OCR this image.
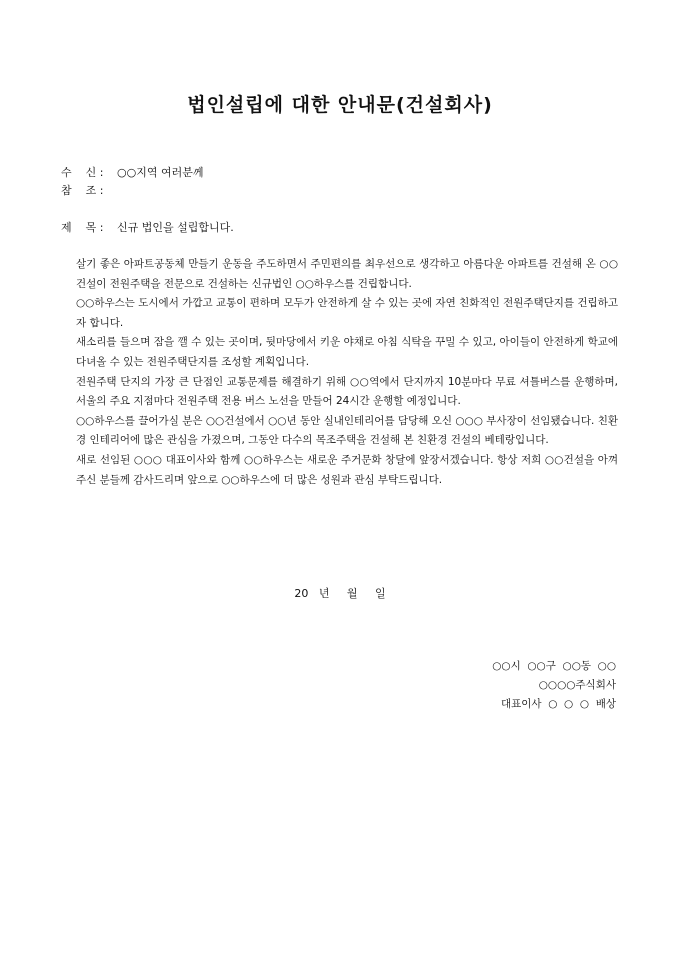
법인설립에 대한 안내문(건설회사)
수    신 : ○○지역 여러분께
참    조 :
제    목 : 신규 법인을 설립합니다.

살기 좋은 아파트공동체 만들기 운동을 주도하면서 주민편의를 최우선으로 생각하고 아름다운 아파트를 건설해 온 ○○건설이 전원주택을 전문으로 건설하는 신규법인 ○○하우스를 건립합니다.

○○하우스는 도시에서 가깝고 교통이 편하며 모두가 안전하게 살 수 있는 곳에 자연 친화적인 전원주택단지를 건립하고자 합니다.

새소리를 들으며 잠을 깰 수 있는 곳이며, 뒷마당에서 키운 야채로 아침 식탁을 꾸밀 수 있고, 아이들이 안전하게 학교에 다녀올 수 있는 전원주택단지를 조성할 계획입니다.

전원주택 단지의 가장 큰 단점인 교통문제를 해결하기 위해 ○○역에서 단지까지 10분마다 무료 셔틀버스를 운행하며, 서울의 주요 지점마다 전원주택 전용 버스 노선을 만들어 24시간 운행할 예정입니다.

○○하우스를 끌어가실 분은 ○○건설에서 ○○년 동안 실내인테리어를 담당해 오신 ○○○ 부사장이 선임됐습니다. 친환경 인테리어에 많은 관심을 가졌으며, 그동안 다수의 목조주택을 건설해 본 친환경 건설의 베테랑입니다.

새로 선임된 ○○○ 대표이사와 함께 ○○하우스는 새로운 주거문화 창달에 앞장서겠습니다. 항상 저희 ○○건설을 아껴주신 분들께 감사드리며 앞으로 ○○하우스에 더 많은 성원과 관심 부탁드립니다.

20   년     월     일
○○시  ○○구  ○○동  ○○
○○○○주식회사
대표이사  ○  ○  ○  배상
